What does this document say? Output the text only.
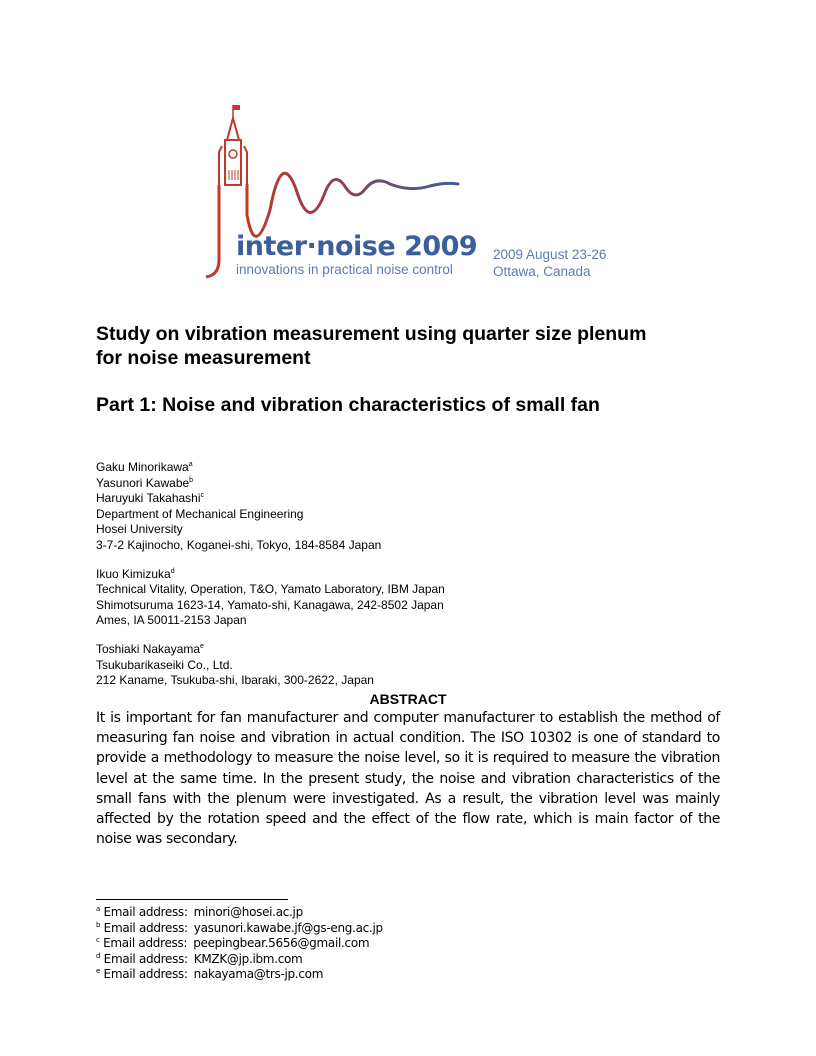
inter·noise 2009
innovations in practical noise control
2009 August 23-26
Ottawa, Canada
Study on vibration measurement using quarter size plenum
for noise measurement
Part 1: Noise and vibration characteristics of small fan
Gaku Minorikawa$^a$
Yasunori Kawabe$^b$
Haruyuki Takahashi$^c$
Department of Mechanical Engineering
Hosei University
3-7-2 Kajinocho, Koganei-shi, Tokyo, 184-8584 Japan
Ikuo Kimizuka$^d$
Technical Vitality, Operation, T&O, Yamato Laboratory, IBM Japan
Shimotsuruma 1623-14, Yamato-shi, Kanagawa, 242-8502 Japan
Ames, IA 50011-2153 Japan
Toshiaki Nakayama$^e$
Tsukubarikaseiki Co., Ltd.
212 Kaname, Tsukuba-shi, Ibaraki, 300-2622, Japan
ABSTRACT
It is important for fan manufacturer and computer manufacturer to establish the method of measuring fan noise and vibration in actual condition. The ISO 10302 is one of standard to provide a methodology to measure the noise level, so it is required to measure the vibration level at the same time. In the present study, the noise and vibration characteristics of the small fans with the plenum were investigated. As a result, the vibration level was mainly affected by the rotation speed and the effect of the flow rate, which is main factor of the noise was secondary.
$^a$ Email address: minori@hosei.ac.jp
$^b$ Email address: yasunori.kawabe.jf@gs-eng.ac.jp
$^c$ Email address: peepingbear.5656@gmail.com
$^d$ Email address: KMZK@jp.ibm.com
$^e$ Email address: nakayama@trs-jp.com
